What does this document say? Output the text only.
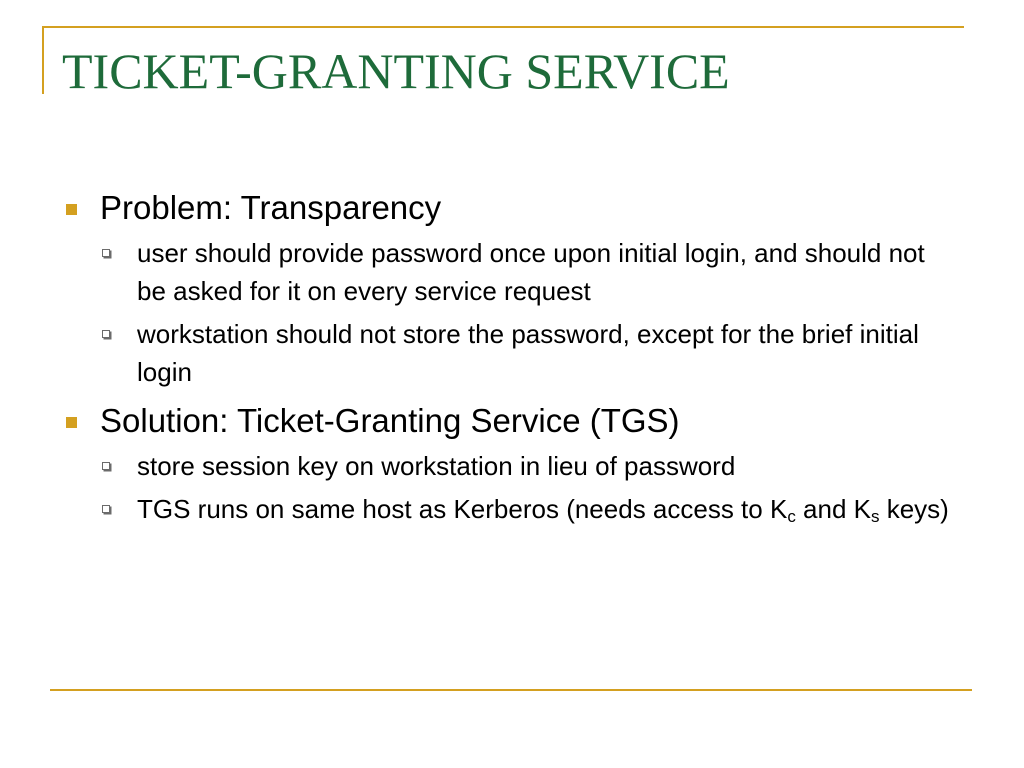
TICKET-GRANTING SERVICE
Problem: Transparency
user should provide password once upon initial login, and should not be asked for it on every service request
workstation should not store the password, except for the brief initial login
Solution: Ticket-Granting Service (TGS)
store session key on workstation in lieu of password
TGS runs on same host as Kerberos (needs access to $K_c$ and $K_s$ keys)
